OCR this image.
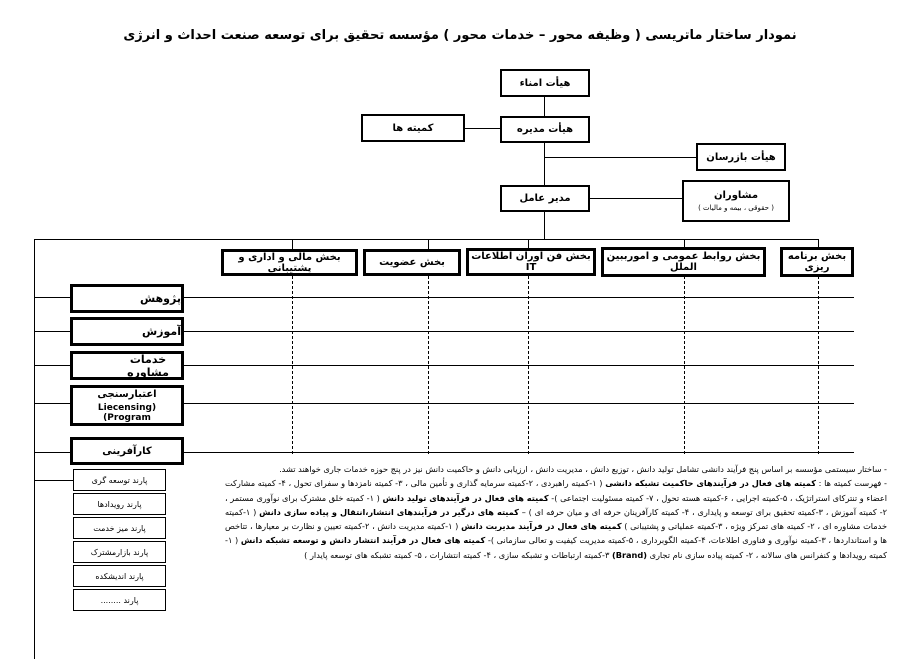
نمودار ساختار ماتریسی ( وظیفه محور – خدمات محور ) مؤسسه تحقیق برای توسعه صنعت احداث و انرژی
هیأت امناء
هیأت مدیره
کمیته ها
هیأت بازرسان
مدیر عامل	مشاوران
( حقوقی ، بیمه و مالیات )
بخش برنامه ریزی
بخش روابط عمومی و امورببین الملل
بخش فن آوران اطلاعات IT
بخش عضویت
بخش مالی و اداری و پشتیبانی
پژوهش
آموزش
خدمات مشاوره
اعتبارسنجی
(Liecensing Program)
کارآفرینی
پارند توسعه گری
پارند رویدادها
پارند میز خدمت
پارند بازارمشترک
پارند اندیشکده
پارند ........

- ساختار سیستمی مؤسسه بر اساس پنج فرآیند دانشی تشامل تولید دانش ، توزیع دانش ، مدیریت دانش ، ارزیابی دانش و حاکمیت دانش نیز در پنج حوزه خدمات جاری خواهند تشد.

- فهرست کمیته ها : کمیته های فعال در فرآیندهای حاکمیت تشبکه دانشی ( ۱-کمیته راهبردی ، ۲-کمیته سرمایه گذاری و تأمین مالی ، ۳- کمیته نامزدها و سفرای تحول ، ۴- کمیته مشارکت اعضاء و تنترکای استراتژیک ، ۵-کمیته اجرایی ، ۶-کمیته هسته تحول ، ۷- کمیته مسئولیت اجتماعی )- کمیته های فعال در فرآیندهای تولید دانش ( ۱- کمیته خلق مشترک برای نوآوری مستمر ، ۲- کمیته آموزش ، ۳-کمیته تحقیق برای توسعه و پایداری ، ۴- کمیته کارآفرینان حرفه ای و میان حرفه ای ) – کمیته های درگیر در فرآیندهای انتشار،انتقال و پیاده سازی دانش ( ۱-کمیته خدمات مشاوره ای ، ۲- کمیته های تمرکز ویژه ، ۳-کمیته عملیاتی و پشتیبانی ) کمیته های فعال در فرآیند مدیریت دانش ( ۱-کمیته مدیریت دانش ، ۲-کمیته تعیین و نظارت بر معیارها ، تتاخص ها و استانداردها ، ۳-کمیته نوآوری و فناوری اطلاعات، ۴-کمیته الگوبرداری ، ۵-کمیته مدیریت کیفیت و تعالی سازمانی )- کمیته های فعال در فرآیند انتشار دانش و توسعه تشبکه دانش ( ۱-کمیته رویدادها و کنفرانس های سالانه ، ۲- کمیته پیاده سازی نام تجاری (Brand) ۳-کمیته ارتباطات و تشبکه سازی ، ۴- کمیته انتشارات ، ۵- کمیته تشبکه های توسعه پایدار )
